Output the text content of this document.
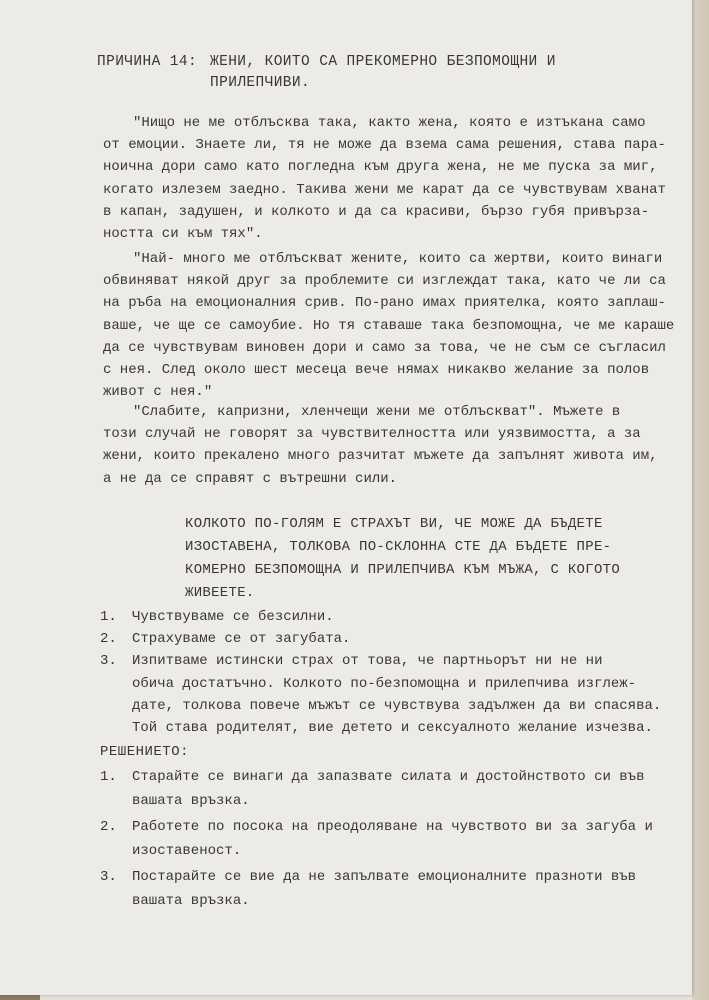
ПРИЧИНА 14: ЖЕНИ, КОИТО СА ПРЕКОМЕРНО БЕЗПОМОЩНИ И
ПРИЛЕПЧИВИ.
"Нищо не ме отблъсква така, както жена, която е изтъкана само
от емоции. Знаете ли, тя не може да взема сама решения, става пара-
ноична дори само като погледна към друга жена, не ме пуска за миг,
когато излезем заедно. Такива жени ме карат да се чувствувам хванат
в капан, задушен, и колкото и да са красиви, бързо губя привърза-
ността си към тях".
"Най- много ме отблъскват жените, които са жертви, които винаги
обвиняват някой друг за проблемите си изглеждат така, като че ли са
на ръба на емоционалния срив. По-рано имах приятелка, която заплаш-
ваше, че ще се самоубие. Но тя ставаше така безпомощна, че ме караше
да се чувствувам виновен дори и само за това, че не съм се съгласил
с нея. След около шест месеца вече нямах никакво желание за полов
живот с нея."
"Слабите, капризни, хленчещи жени ме отблъскват". Мъжете в
този случай не говорят за чувствителността или уязвимостта, а за
жени, които прекалено много разчитат мъжете да запълнят живота им,
а не да се справят с вътрешни сили.
КОЛКОТО ПО-ГОЛЯМ Е СТРАХЪТ ВИ, ЧЕ МОЖЕ ДА БЪДЕТЕ
ИЗОСТАВЕНА, ТОЛКОВА ПО-СКЛОННА СТЕ ДА БЪДЕТЕ ПРЕ-
КОМЕРНО БЕЗПОМОЩНА И ПРИЛЕПЧИВА КЪМ МЪЖА, С КОГОТО
ЖИВЕЕТЕ.
1. Чувствуваме се безсилни.
2. Страхуваме се от загубата.
3. Изпитваме истински страх от това, че партньорът ни не ни
обича достатъчно. Колкото по-безпомощна и прилепчива изглеж-
дате, толкова повече мъжът се чувствува задължен да ви спасява.
Той става родителят, вие детето и сексуалното желание изчезва.
РЕШЕНИЕТО:
1. Старайте се винаги да запазвате силата и достойнството си във
вашата връзка.
2. Работете по посока на преодоляване на чувството ви за загуба и
изоставеност.
3. Постарайте се вие да не запълвате емоционалните празноти във
вашата връзка.
